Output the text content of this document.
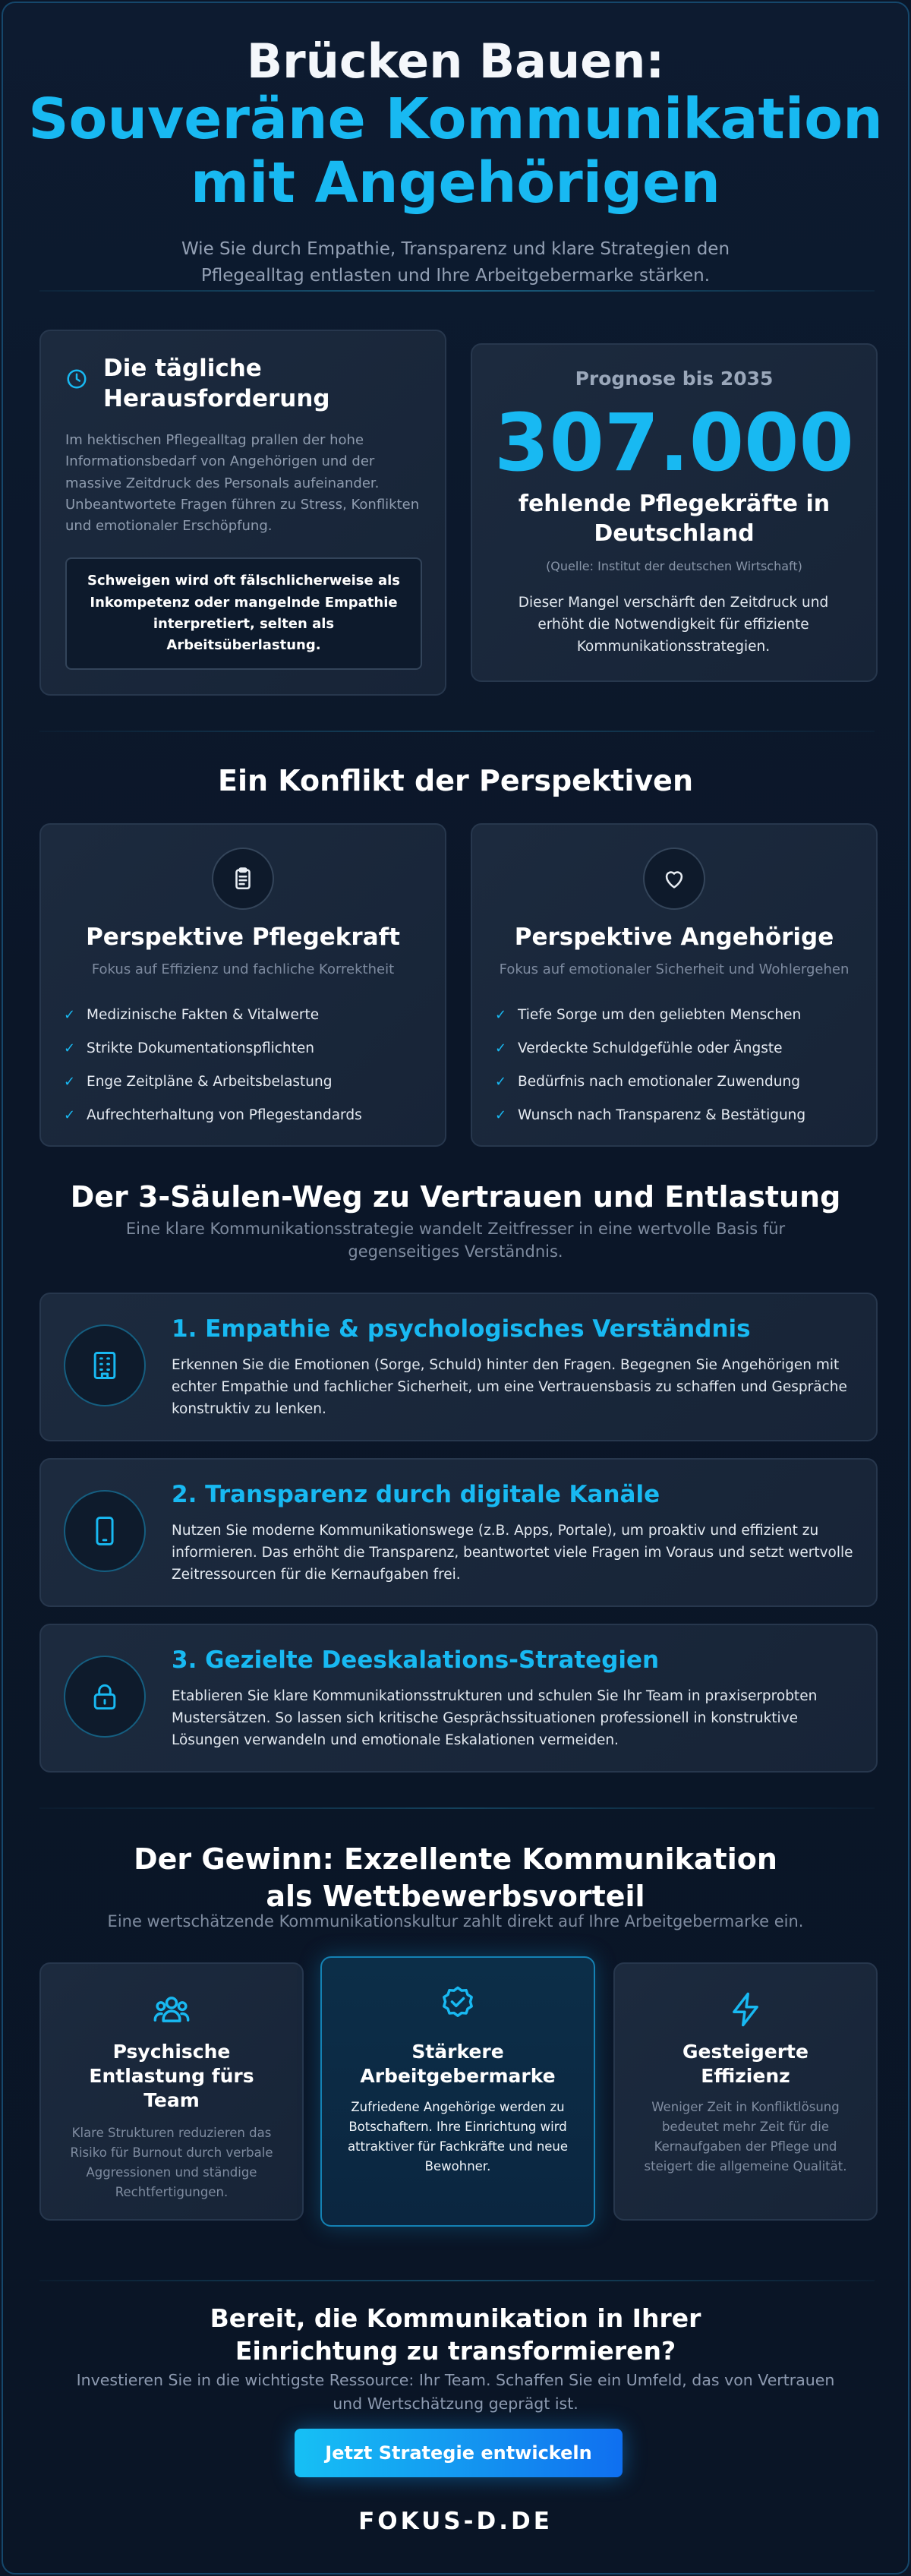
Brücken Bauen:
Souveräne Kommunikation
mit Angehörigen

Wie Sie durch Empathie, Transparenz und klare Strategien den Pflegealltag entlasten und Ihre Arbeitgebermarke stärken.

Die tägliche Herausforderung

Im hektischen Pflegealltag prallen der hohe Informationsbedarf von Angehörigen und der massive Zeitdruck des Personals aufeinander. Unbeantwortete Fragen führen zu Stress, Konflikten und emotionaler Erschöpfung.

Schweigen wird oft fälschlicherweise als Inkompetenz oder mangelnde Empathie interpretiert, selten als Arbeitsüberlastung.
Prognose bis 2035
307.000
fehlende Pflegekräfte in Deutschland
(Quelle: Institut der deutschen Wirtschaft)

Dieser Mangel verschärft den Zeitdruck und erhöht die Notwendigkeit für effiziente Kommunikationsstrategien.

Ein Konflikt der Perspektiven
Perspektive Pflegekraft
Fokus auf Effizienz und fachliche Korrektheit
✓ Medizinische Fakten & Vitalwerte
✓ Strikte Dokumentationspflichten
✓ Enge Zeitpläne & Arbeitsbelastung
✓ Aufrechterhaltung von Pflegestandards
Perspektive Angehörige
Fokus auf emotionaler Sicherheit und Wohlergehen
✓ Tiefe Sorge um den geliebten Menschen
✓ Verdeckte Schuldgefühle oder Ängste
✓ Bedürfnis nach emotionaler Zuwendung
✓ Wunsch nach Transparenz & Bestätigung
Der 3-Säulen-Weg zu Vertrauen und Entlastung
Eine klare Kommunikationsstrategie wandelt Zeitfresser in eine wertvolle Basis für gegenseitiges Verständnis.
1. Empathie & psychologisches Verständnis

Erkennen Sie die Emotionen (Sorge, Schuld) hinter den Fragen. Begegnen Sie Angehörigen mit echter Empathie und fachlicher Sicherheit, um eine Vertrauensbasis zu schaffen und Gespräche konstruktiv zu lenken.

2. Transparenz durch digitale Kanäle

Nutzen Sie moderne Kommunikationswege (z.B. Apps, Portale), um proaktiv und effizient zu informieren. Das erhöht die Transparenz, beantwortet viele Fragen im Voraus und setzt wertvolle Zeitressourcen für die Kernaufgaben frei.

3. Gezielte Deeskalations-Strategien

Etablieren Sie klare Kommunikationsstrukturen und schulen Sie Ihr Team in praxiserprobten Mustersätzen. So lassen sich kritische Gesprächssituationen professionell in konstruktive Lösungen verwandeln und emotionale Eskalationen vermeiden.

Der Gewinn: Exzellente Kommunikation als Wettbewerbsvorteil
Eine wertschätzende Kommunikationskultur zahlt direkt auf Ihre Arbeitgebermarke ein.
Psychische Entlastung fürs Team

Klare Strukturen reduzieren das Risiko für Burnout durch verbale Aggressionen und ständige Rechtfertigungen.

Stärkere Arbeitgebermarke

Zufriedene Angehörige werden zu Botschaftern. Ihre Einrichtung wird attraktiver für Fachkräfte und neue Bewohner.

Gesteigerte Effizienz

Weniger Zeit in Konfliktlösung bedeutet mehr Zeit für die Kernaufgaben der Pflege und steigert die allgemeine Qualität.

Bereit, die Kommunikation in Ihrer Einrichtung zu transformieren?
Investieren Sie in die wichtigste Ressource: Ihr Team. Schaffen Sie ein Umfeld, das von Vertrauen und Wertschätzung geprägt ist.
Jetzt Strategie entwickeln
FOKUS-D.DE
